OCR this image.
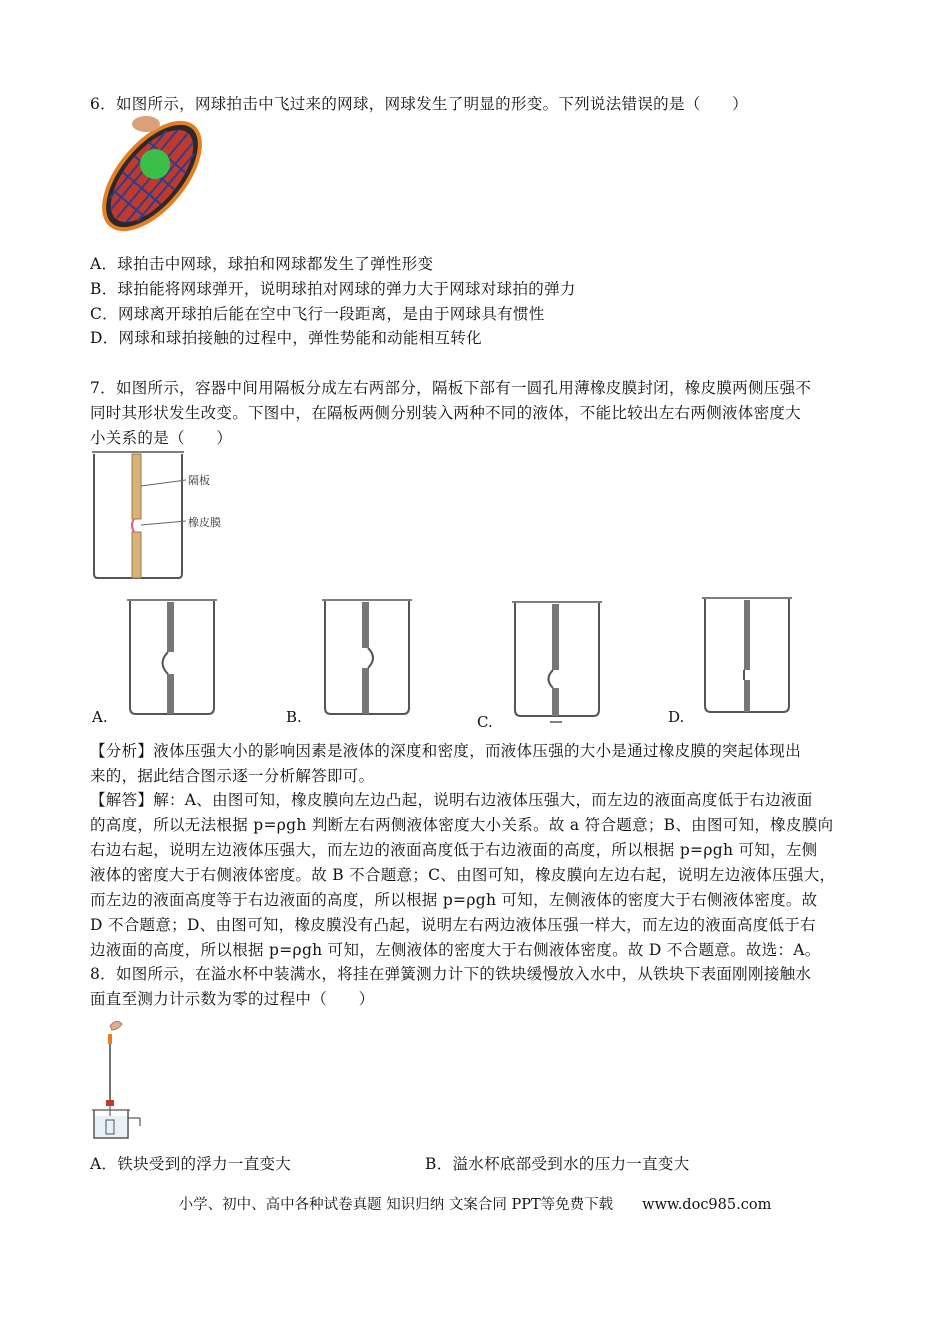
6．如图所示，网球拍击中飞过来的网球，网球发生了明显的形变。下列说法错误的是（　　）
A．球拍击中网球，球拍和网球都发生了弹性形变
B．球拍能将网球弹开，说明球拍对网球的弹力大于网球对球拍的弹力
C．网球离开球拍后能在空中飞行一段距离，是由于网球具有惯性
D．网球和球拍接触的过程中，弹性势能和动能相互转化
7．如图所示，容器中间用隔板分成左右两部分，隔板下部有一圆孔用薄橡皮膜封闭，橡皮膜两侧压强不
同时其形状发生改变。下图中，在隔板两侧分别装入两种不同的液体，不能比较出左右两侧液体密度大
小关系的是（　　）
隔板
橡皮膜
A.	B.	C.	D.
【分析】液体压强大小的影响因素是液体的深度和密度，而液体压强的大小是通过橡皮膜的突起体现出
来的，据此结合图示逐一分析解答即可。
【解答】解：A、由图可知，橡皮膜向左边凸起，说明右边液体压强大，而左边的液面高度低于右边液面
的高度，所以无法根据 p=ρgh 判断左右两侧液体密度大小关系。故 a 符合题意；B、由图可知，橡皮膜向
右边右起，说明左边液体压强大，而左边的液面高度低于右边液面的高度，所以根据 p=ρgh 可知，左侧
液体的密度大于右侧液体密度。故 B 不合题意；C、由图可知，橡皮膜向左边右起，说明左边液体压强大，
而左边的液面高度等于右边液面的高度，所以根据 p=ρgh 可知，左侧液体的密度大于右侧液体密度。故
D 不合题意；D、由图可知，橡皮膜没有凸起，说明左右两边液体压强一样大，而左边的液面高度低于右
边液面的高度，所以根据 p=ρgh 可知，左侧液体的密度大于右侧液体密度。故 D 不合题意。故选：A。
8．如图所示，在溢水杯中装满水，将挂在弹簧测力计下的铁块缓慢放入水中，从铁块下表面刚刚接触水
面直至测力计示数为零的过程中（　　）
A．铁块受到的浮力一直变大	B．溢水杯底部受到水的压力一直变大
小学、初中、高中各种试卷真题 知识归纳 文案合同 PPT等免费下载　　www.doc985.com
